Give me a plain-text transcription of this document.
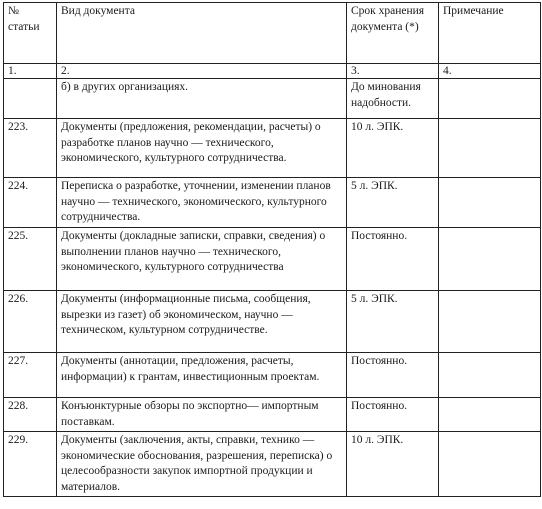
№ статьи	Вид документа	Срок хранения документа (*)	Примечание
1.	2.	3.	4.
	б) в других организациях.	До минования надобности.	
223.	Документы (предложения, рекомендации, расчеты) о разработке планов научно — технического, экономического, культурного сотрудничества.	10 л. ЭПК.	
224.	Переписка о разработке, уточнении, изменении планов научно — технического, экономического, культурного сотрудничества.	5 л. ЭПК.	
225.	Документы (докладные записки, справки, сведения) о выполнении планов научно — технического, экономического, культурного сотрудничества	Постоянно.	
226.	Документы (информационные письма, сообщения, вырезки из газет) об экономическом, научно — техническом, культурном сотрудничестве.	5 л. ЭПК.	
227.	Документы (аннотации, предложения, расчеты, информации) к грантам, инвестиционным проектам.	Постоянно.	
228.	Конъюнктурные обзоры по экспортно— импортным поставкам.	Постоянно.	
229.	Документы (заключения, акты, справки, технико — экономические обоснования, разрешения, переписка) о целесообразности закупок импортной продукции и материалов.	10 л. ЭПК.	
